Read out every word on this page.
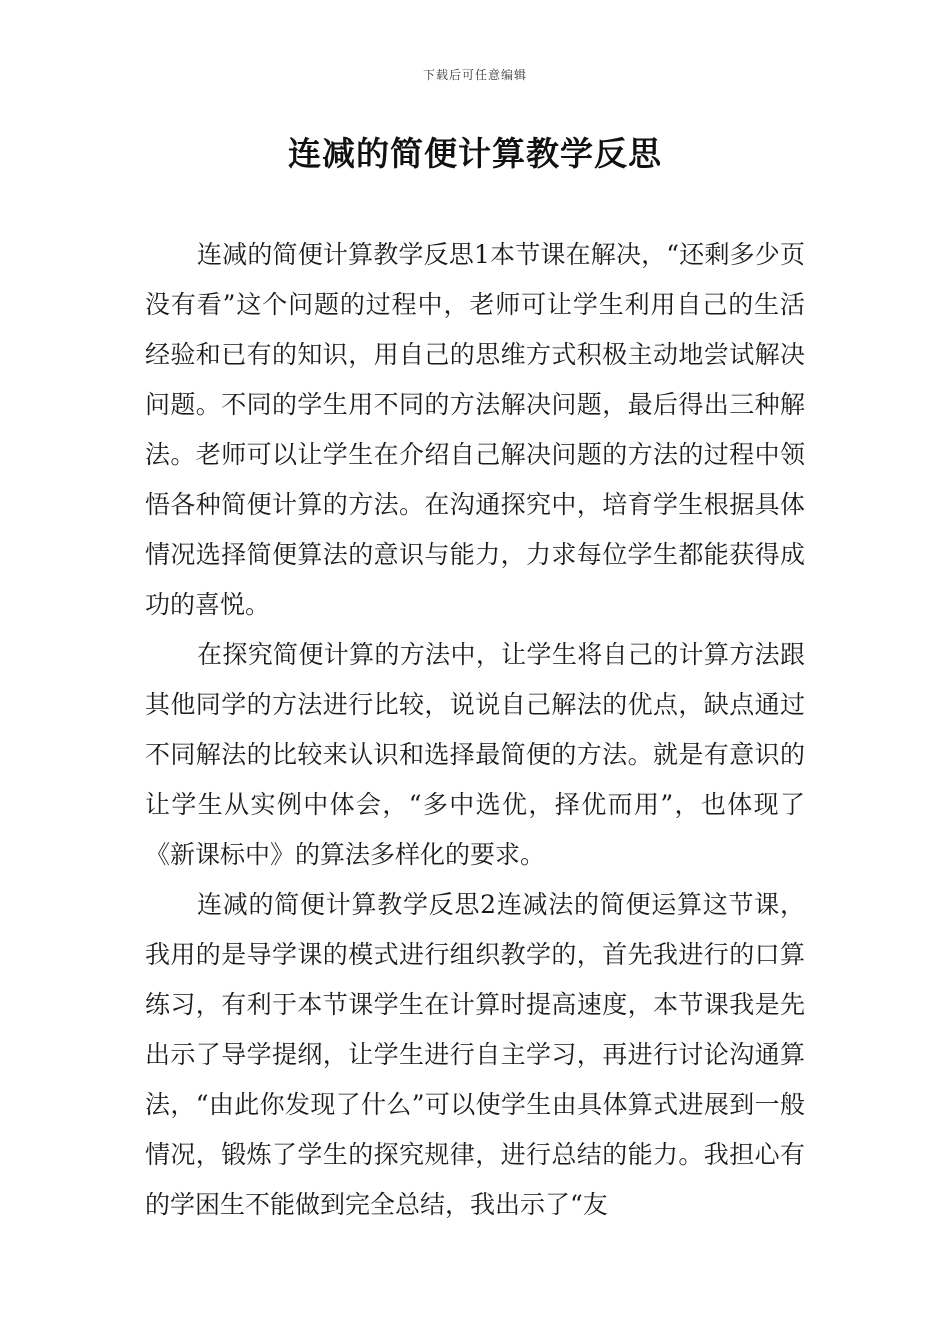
下载后可任意编辑
连减的简便计算教学反思

连减的简便计算教学反思1本节课在解决，“还剩多少页没有看”这个问题的过程中，老师可让学生利用自己的生活经验和已有的知识，用自己的思维方式积极主动地尝试解决问题。不同的学生用不同的方法解决问题，最后得出三种解法。老师可以让学生在介绍自己解决问题的方法的过程中领悟各种简便计算的方法。在沟通探究中，培育学生根据具体情况选择简便算法的意识与能力，力求每位学生都能获得成功的喜悦。

在探究简便计算的方法中，让学生将自己的计算方法跟其他同学的方法进行比较，说说自己解法的优点，缺点通过不同解法的比较来认识和选择最简便的方法。就是有意识的让学生从实例中体会，“多中选优，择优而用”，也体现了《新课标中》的算法多样化的要求。

连减的简便计算教学反思2连减法的简便运算这节课，我用的是导学课的模式进行组织教学的，首先我进行的口算练习，有利于本节课学生在计算时提高速度，本节课我是先出示了导学提纲，让学生进行自主学习，再进行讨论沟通算法，“由此你发现了什么”可以使学生由具体算式进展到一般情况，锻炼了学生的探究规律，进行总结的能力。我担心有的学困生不能做到完全总结，我出示了“友
